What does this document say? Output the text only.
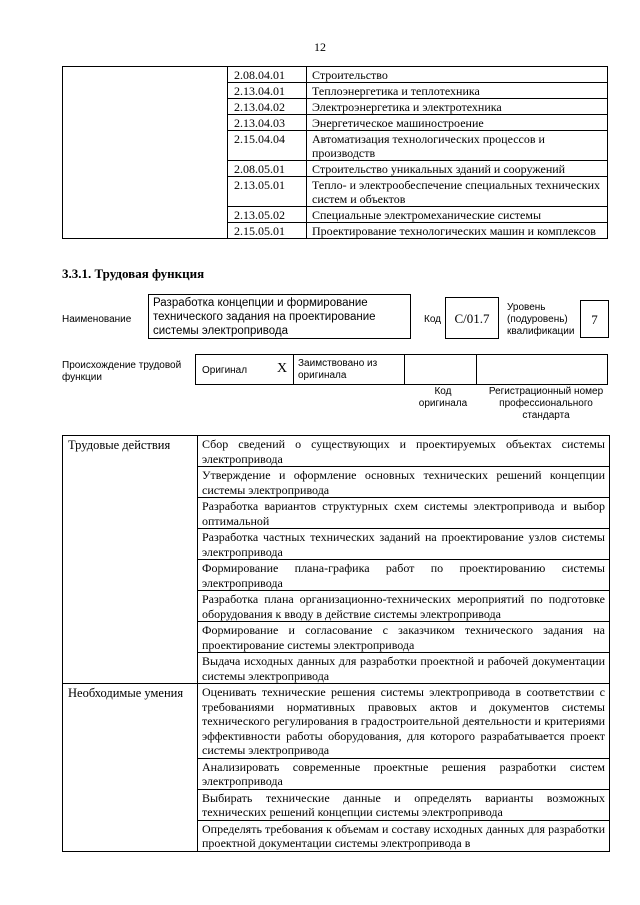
12
	2.08.04.01	Строительство
	2.13.04.01	Теплоэнергетика и теплотехника
	2.13.04.02	Электроэнергетика и электротехника
	2.13.04.03	Энергетическое машиностроение
	2.15.04.04	Автоматизация технологических процессов и производств
	2.08.05.01	Строительство уникальных зданий и сооружений
	2.13.05.01	Тепло- и электрообеспечение специальных технических систем и объектов
	2.13.05.02	Специальные электромеханические системы
	2.15.05.01	Проектирование технологических машин и комплексов
3.3.1. Трудовая функция
Наименование
Разработка концепции и формирование технического задания на проектирование системы электропривода
Код	C/01.7
Уровень (подуровень) квалификации
7
Происхождение трудовой функции
Оригинал X Заимствовано из оригинала
Код оригинала
Регистрационный номер профессионального стандарта
Трудовые действия	Сбор сведений о существующих и проектируемых объектах системы электропривода
	Утверждение и оформление основных технических решений концепции системы электропривода
	Разработка вариантов структурных схем системы электропривода и выбор оптимальной
	Разработка частных технических заданий на проектирование узлов системы электропривода
	Формирование плана-графика работ по проектированию системы электропривода
	Разработка плана организационно-технических мероприятий по подготовке оборудования к вводу в действие системы электропривода
	Формирование и согласование с заказчиком технического задания на проектирование системы электропривода
	Выдача исходных данных для разработки проектной и рабочей документации системы электропривода
Необходимые умения	Оценивать технические решения системы электропривода в соответствии с требованиями нормативных правовых актов и документов системы технического регулирования в градостроительной деятельности и критериями эффективности работы оборудования, для которого разрабатывается проект системы электропривода
	Анализировать современные проектные решения разработки систем электропривода
	Выбирать технические данные и определять варианты возможных технических решений концепции системы электропривода
	Определять требования к объемам и составу исходных данных для разработки проектной документации системы электропривода в
